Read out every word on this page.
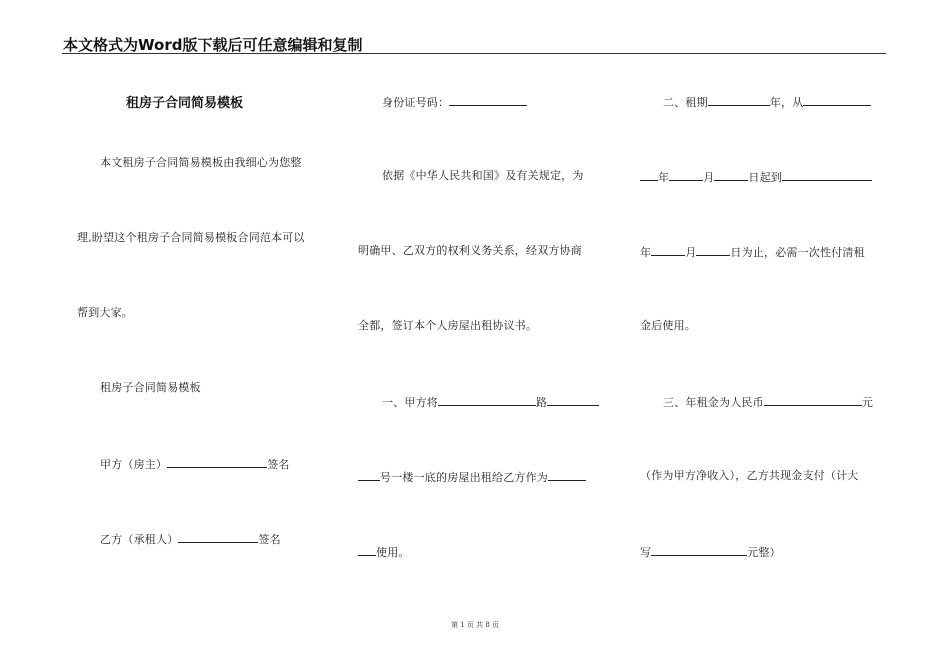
本文格式为Word版下载后可任意编辑和复制
租房子合同简易模板
本文租房子合同简易模板由我细心为您整
理,盼望这个租房子合同简易模板合同范本可以
帮到大家。
租房子合同简易模板
甲方（房主）	签名
乙方（承租人）	签名
身份证号码：
依据《中华人民共和国》及有关规定，为
明确甲、乙双方的权利义务关系，经双方协商
全都，签订本个人房屋出租协议书。
一、甲方将	路
号一楼一底的房屋出租给乙方作为
使用。
二、租期	年，从
年	月	日起到
年	月	日为止，必需一次性付清租
金后使用。
三、年租金为人民币	元
（作为甲方净收入），乙方共现金支付（计大
写	元整）
第 1 页 共 8 页
